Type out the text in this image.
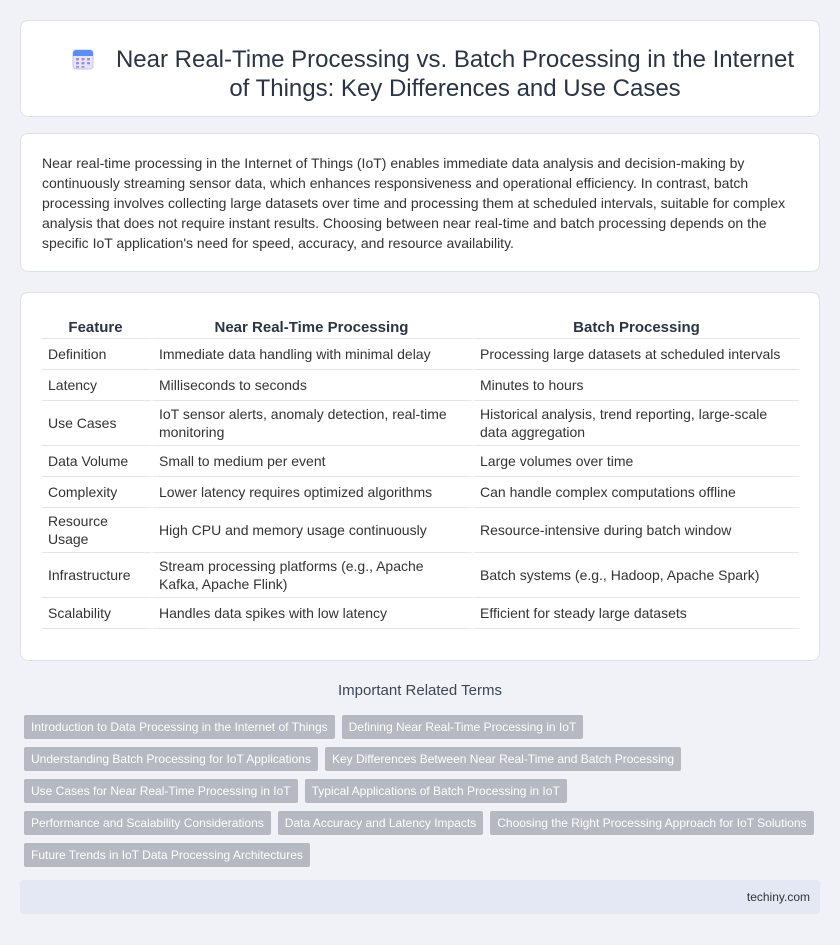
Near Real-Time Processing vs. Batch Processing in the Internet of Things: Key Differences and Use Cases

Near real-time processing in the Internet of Things (IoT) enables immediate data analysis and decision-making by continuously streaming sensor data, which enhances responsiveness and operational efficiency. In contrast, batch processing involves collecting large datasets over time and processing them at scheduled intervals, suitable for complex analysis that does not require instant results. Choosing between near real-time and batch processing depends on the specific IoT application's need for speed, accuracy, and resource availability.

Feature	Near Real-Time Processing	Batch Processing
Definition	Immediate data handling with minimal delay	Processing large datasets at scheduled intervals
Latency	Milliseconds to seconds	Minutes to hours
Use Cases	IoT sensor alerts, anomaly detection, real-time monitoring	Historical analysis, trend reporting, large-scale data aggregation
Data Volume	Small to medium per event	Large volumes over time
Complexity	Lower latency requires optimized algorithms	Can handle complex computations offline
Resource Usage	High CPU and memory usage continuously	Resource-intensive during batch window
Infrastructure	Stream processing platforms (e.g., Apache Kafka, Apache Flink)	Batch systems (e.g., Hadoop, Apache Spark)
Scalability	Handles data spikes with low latency	Efficient for steady large datasets
Important Related Terms
Introduction to Data Processing in the Internet of Things	Defining Near Real-Time Processing in IoT
Understanding Batch Processing for IoT Applications	Key Differences Between Near Real-Time and Batch Processing
Use Cases for Near Real-Time Processing in IoT	Typical Applications of Batch Processing in IoT
Performance and Scalability Considerations	Data Accuracy and Latency Impacts	Choosing the Right Processing Approach for IoT Solutions
Future Trends in IoT Data Processing Architectures
techiny.com
